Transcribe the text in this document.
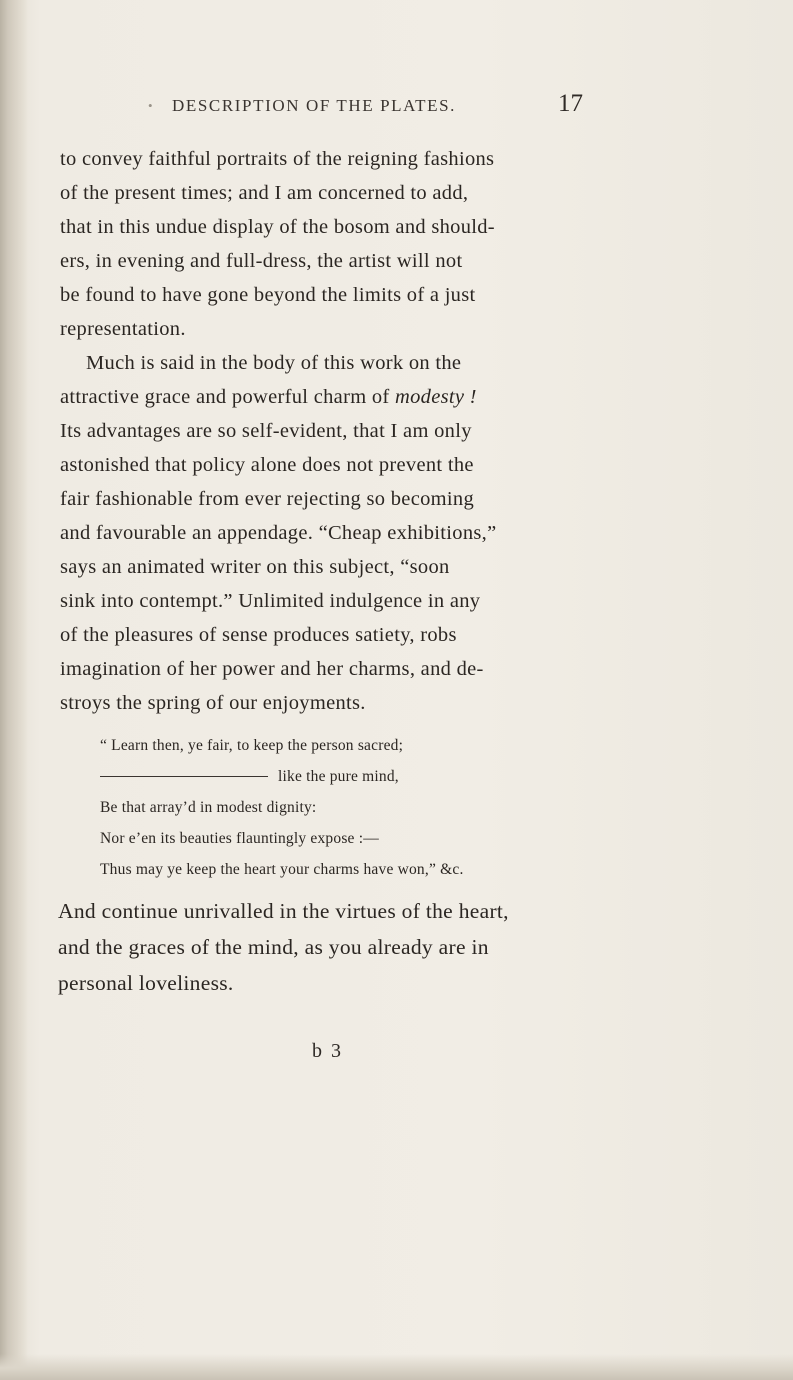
• DESCRIPTION OF THE PLATES.	17
to convey faithful portraits of the reigning fashions
of the present times; and I am concerned to add,
that in this undue display of the bosom and should-
ers, in evening and full-dress, the artist will not
be found to have gone beyond the limits of a just
representation.
Much is said in the body of this work on the
attractive grace and powerful charm of modesty !
Its advantages are so self-evident, that I am only
astonished that policy alone does not prevent the
fair fashionable from ever rejecting so becoming
and favourable an appendage. “Cheap exhibitions,”
says an animated writer on this subject, “soon
sink into contempt.” Unlimited indulgence in any
of the pleasures of sense produces satiety, robs
imagination of her power and her charms, and de-
stroys the spring of our enjoyments.
“ Learn then, ye fair, to keep the person sacred;
like the pure mind,
Be that array’d in modest dignity:
Nor e’en its beauties flauntingly expose :—
Thus may ye keep the heart your charms have won,” &c.
And continue unrivalled in the virtues of the heart,
and the graces of the mind, as you already are in
personal loveliness.
b 3
